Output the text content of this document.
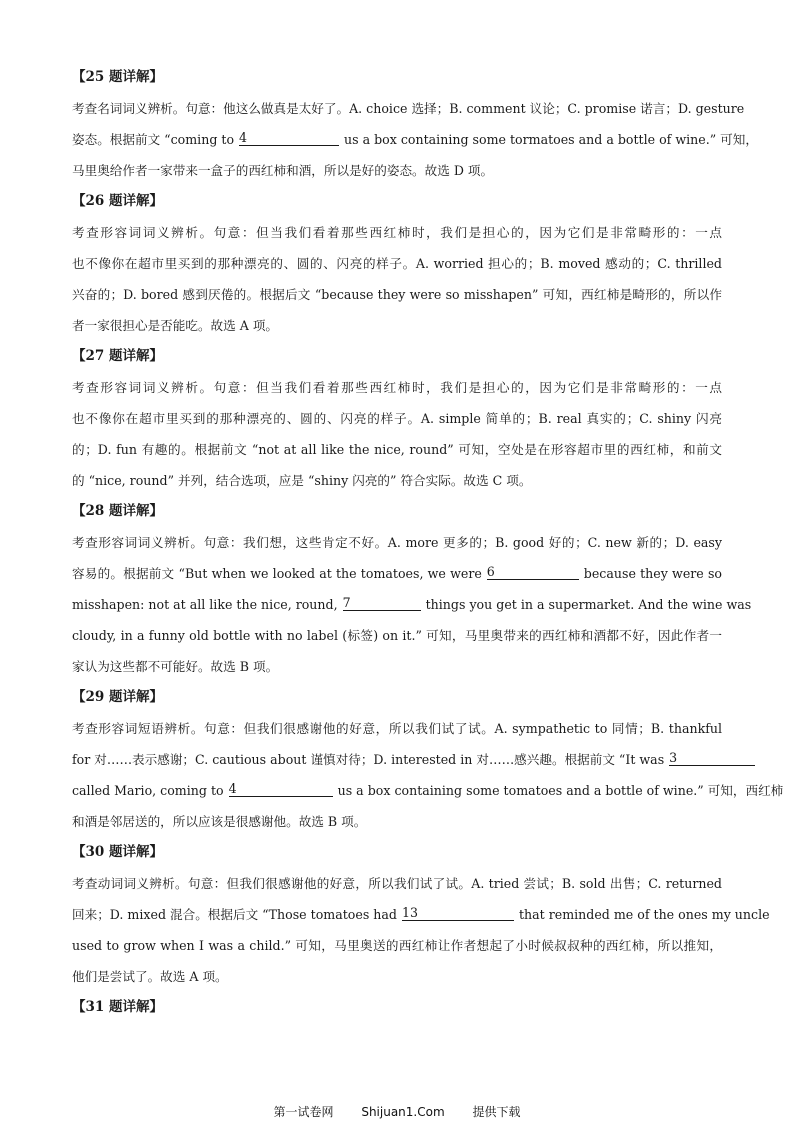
【25 题详解】
考查名词词义辨析。句意：他这么做真是太好了。A. choice 选择；B. comment 议论；C. promise 诺言；D. gesture
姿态。根据前文 “coming to 4	us a box containing some tormatoes and a bottle of wine.” 可知，
马里奥给作者一家带来一盒子的西红柿和酒，所以是好的姿态。故选 D 项。
【26 题详解】
考查形容词词义辨析。句意：但当我们看着那些西红柿时，我们是担心的，因为它们是非常畸形的：一点
也不像你在超市里买到的那种漂亮的、圆的、闪亮的样子。A. worried 担心的；B. moved 感动的；C. thrilled
兴奋的；D. bored 感到厌倦的。根据后文 “because they were so misshapen” 可知，西红柿是畸形的，所以作
者一家很担心是否能吃。故选 A 项。
【27 题详解】
考查形容词词义辨析。句意：但当我们看着那些西红柿时，我们是担心的，因为它们是非常畸形的：一点
也不像你在超市里买到的那种漂亮的、圆的、闪亮的样子。A. simple 简单的；B. real 真实的；C. shiny 闪亮
的；D. fun 有趣的。根据前文 “not at all like the nice, round” 可知，空处是在形容超市里的西红柿，和前文
的 “nice, round” 并列，结合选项，应是 “shiny 闪亮的” 符合实际。故选 C 项。
【28 题详解】
考查形容词词义辨析。句意：我们想，这些肯定不好。A. more 更多的；B. good 好的；C. new 新的；D. easy
容易的。根据前文 “But when we looked at the tomatoes, we were 6	because they were so
misshapen: not at all like the nice, round, 7	things you get in a supermarket. And the wine was
cloudy, in a funny old bottle with no label (标签) on it.” 可知，马里奥带来的西红柿和酒都不好，因此作者一
家认为这些都不可能好。故选 B 项。
【29 题详解】
考查形容词短语辨析。句意：但我们很感谢他的好意，所以我们试了试。A. sympathetic to 同情；B. thankful
for 对……表示感谢；C. cautious about 谨慎对待；D. interested in 对……感兴趣。根据前文 “It was 3
called Mario, coming to 4	us a box containing some tomatoes and a bottle of wine.” 可知，西红柿
和酒是邻居送的，所以应该是很感谢他。故选 B 项。
【30 题详解】
考查动词词义辨析。句意：但我们很感谢他的好意，所以我们试了试。A. tried 尝试；B. sold 出售；C. returned
回来；D. mixed 混合。根据后文 “Those tomatoes had 13	that reminded me of the ones my uncle
used to grow when I was a child.” 可知，马里奥送的西红柿让作者想起了小时候叔叔种的西红柿，所以推知，
他们是尝试了。故选 A 项。
【31 题详解】
第一试卷网 Shijuan1.Com 提供下载
